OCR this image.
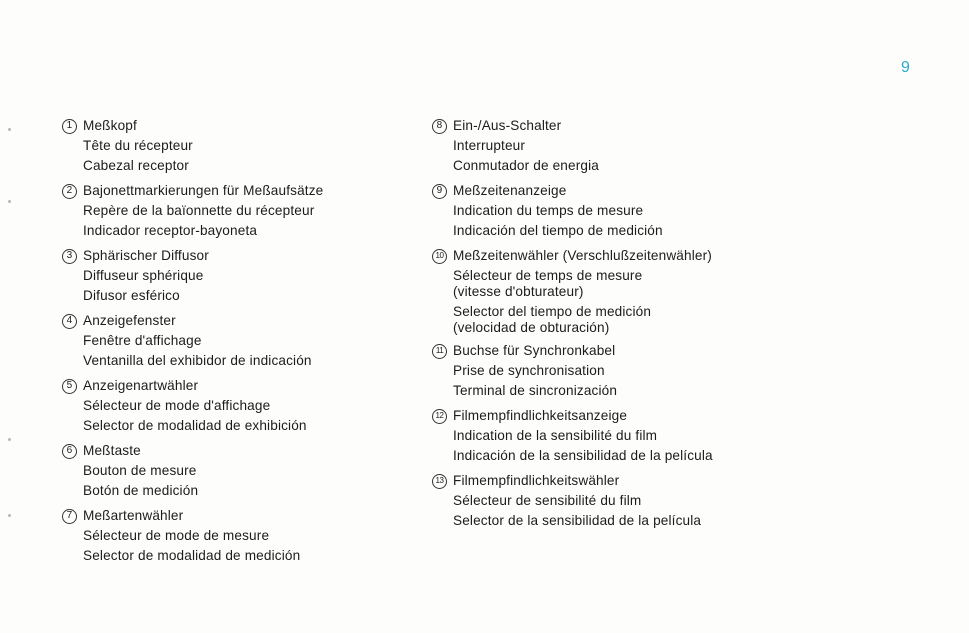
9
1 Meßkopf
Tête du récepteur
Cabezal receptor
2 Bajonettmarkierungen für Meßaufsätze
Repère de la baïonnette du récepteur
Indicador receptor-bayoneta
3 Sphärischer Diffusor
Diffuseur sphérique
Difusor esférico
4 Anzeigefenster
Fenêtre d'affichage
Ventanilla del exhibidor de indicación
5 Anzeigenartwähler
Sélecteur de mode d'affichage
Selector de modalidad de exhibición
6 Meßtaste
Bouton de mesure
Botón de medición
7 Meßartenwähler
Sélecteur de mode de mesure
Selector de modalidad de medición
8 Ein-/Aus-Schalter
Interrupteur
Conmutador de energia
9 Meßzeitenanzeige
Indication du temps de mesure
Indicación del tiempo de medición
10 Meßzeitenwähler (Verschlußzeitenwähler)
Sélecteur de temps de mesure
(vitesse d'obturateur)
Selector del tiempo de medición
(velocidad de obturación)
11 Buchse für Synchronkabel
Prise de synchronisation
Terminal de sincronización
12 Filmempfindlichkeitsanzeige
Indication de la sensibilité du film
Indicación de la sensibilidad de la película
13 Filmempfindlichkeitswähler
Sélecteur de sensibilité du film
Selector de la sensibilidad de la película
